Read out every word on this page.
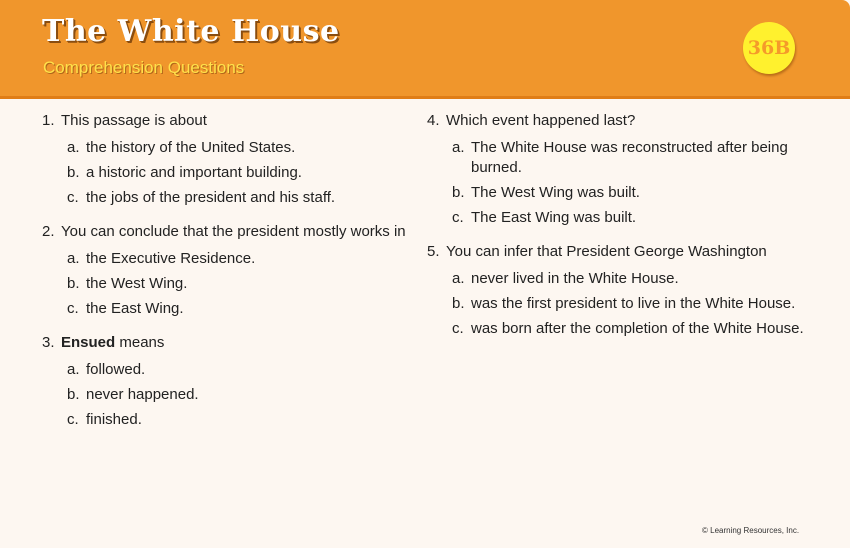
The White House
Comprehension Questions
36B
1. This passage is about
a. the history of the United States.
b. a historic and important building.
c. the jobs of the president and his staff.
2. You can conclude that the president mostly works in
a. the Executive Residence.
b. the West Wing.
c. the East Wing.
3. Ensued means
a. followed.
b. never happened.
c. finished.
4. Which event happened last?
a. The White House was reconstructed after being burned.
b. The West Wing was built.
c. The East Wing was built.
5. You can infer that President George Washington
a. never lived in the White House.
b. was the first president to live in the White House.
c. was born after the completion of the White House.
© Learning Resources, Inc.
